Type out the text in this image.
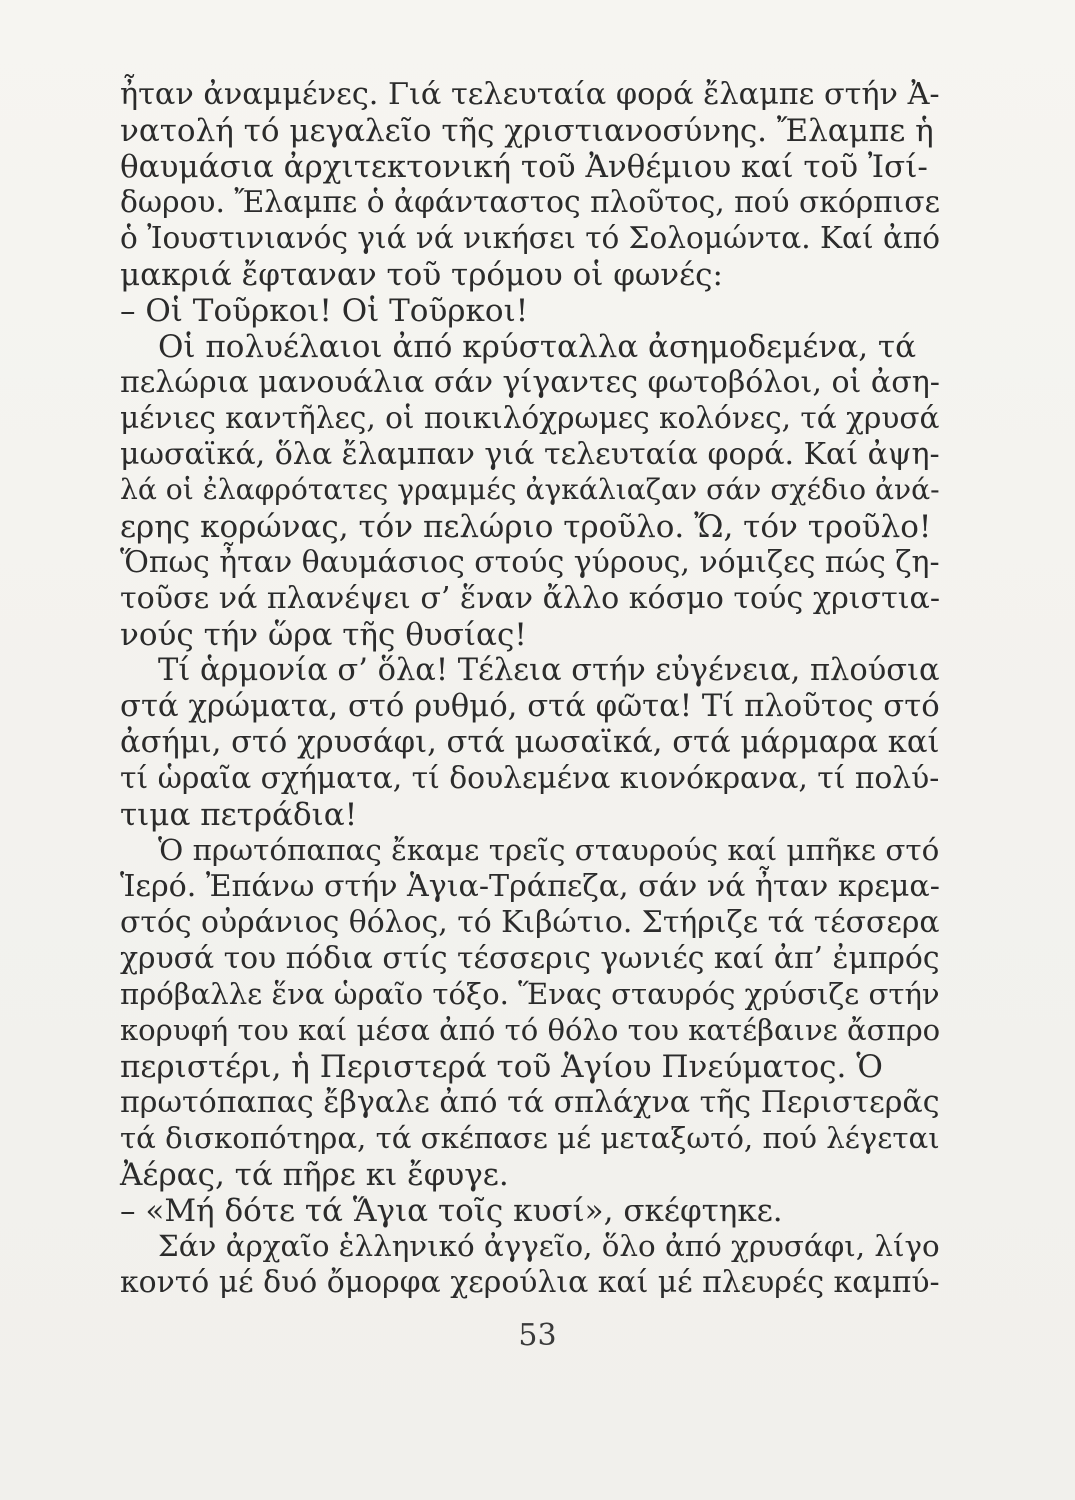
ἦταν ἀναμμένες. Γιά τελευταία φορά ἔλαμπε στήν Ἀ-
νατολή τό μεγαλεῖο τῆς χριστιανοσύνης. Ἔλαμπε ἡ
θαυμάσια ἀρχιτεκτονική τοῦ Ἀνθέμιου καί τοῦ Ἰσί-
δωρου. Ἔλαμπε ὁ ἀφάνταστος πλοῦτος, πού σκόρπισε
ὁ Ἰουστινιανός γιά νά νικήσει τό Σολομώντα. Καί ἀπό
μακριά ἔφταναν τοῦ τρόμου οἱ φωνές:
– Οἱ Τοῦρκοι! Οἱ Τοῦρκοι!
Οἱ πολυέλαιοι ἀπό κρύσταλλα ἀσημοδεμένα, τά
πελώρια μανουάλια σάν γίγαντες φωτοβόλοι, οἱ ἀση-
μένιες καντῆλες, οἱ ποικιλόχρωμες κολόνες, τά χρυσά
μωσαϊκά, ὅλα ἔλαμπαν γιά τελευταία φορά. Καί ἀψη-
λά οἱ ἐλαφρότατες γραμμές ἀγκάλιαζαν σάν σχέδιο ἀνά-
ερης κορώνας, τόν πελώριο τροῦλο. Ὤ, τόν τροῦλο!
Ὅπως ἦταν θαυμάσιος στούς γύρους, νόμιζες πώς ζη-
τοῦσε νά πλανέψει σ’ ἕναν ἄλλο κόσμο τούς χριστια-
νούς τήν ὥρα τῆς θυσίας!
Τί ἁρμονία σ’ ὅλα! Τέλεια στήν εὐγένεια, πλούσια
στά χρώματα, στό ρυθμό, στά φῶτα! Τί πλοῦτος στό
ἀσήμι, στό χρυσάφι, στά μωσαϊκά, στά μάρμαρα καί
τί ὡραῖα σχήματα, τί δουλεμένα κιονόκρανα, τί πολύ-
τιμα πετράδια!
Ὁ πρωτόπαπας ἔκαμε τρεῖς σταυρούς καί μπῆκε στό
Ἱερό. Ἐπάνω στήν Ἁγια-Τράπεζα, σάν νά ἦταν κρεμα-
στός οὐράνιος θόλος, τό Κιβώτιο. Στήριζε τά τέσσερα
χρυσά του πόδια στίς τέσσερις γωνιές καί ἀπ’ ἐμπρός
πρόβαλλε ἕνα ὡραῖο τόξο. Ἕνας σταυρός χρύσιζε στήν
κορυφή του καί μέσα ἀπό τό θόλο του κατέβαινε ἄσπρο
περιστέρι, ἡ Περιστερά τοῦ Ἁγίου Πνεύματος. Ὁ
πρωτόπαπας ἔβγαλε ἀπό τά σπλάχνα τῆς Περιστερᾶς
τά δισκοπότηρα, τά σκέπασε μέ μεταξωτό, πού λέγεται
Ἀέρας, τά πῆρε κι ἔφυγε.
– «Μή δότε τά Ἅγια τοῖς κυσί», σκέφτηκε.
Σάν ἀρχαῖο ἑλληνικό ἀγγεῖο, ὅλο ἀπό χρυσάφι, λίγο
κοντό μέ δυό ὄμορφα χερούλια καί μέ πλευρές καμπύ-
53
